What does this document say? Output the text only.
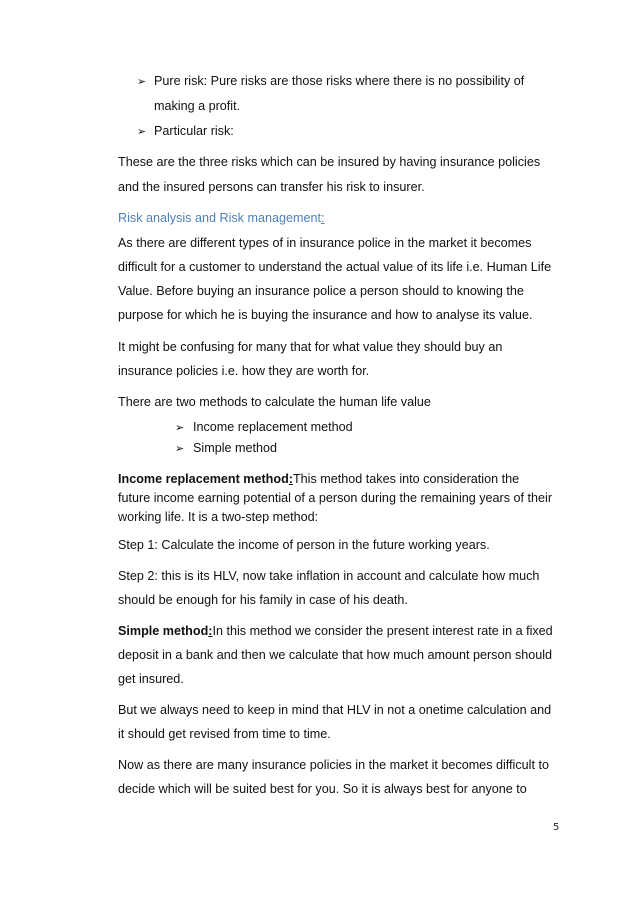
➢ Pure risk: Pure risks are those risks where there is no possibility of
making a profit.
➢ Particular risk:
These are the three risks which can be insured by having insurance policies
and the insured persons can transfer his risk to insurer.
Risk analysis and Risk management:
As there are different types of in insurance police in the market it becomes
difficult for a customer to understand the actual value of its life i.e. Human Life
Value. Before buying an insurance police a person should to knowing the
purpose for which he is buying the insurance and how to analyse its value.
It might be confusing for many that for what value they should buy an
insurance policies i.e. how they are worth for.
There are two methods to calculate the human life value
➢ Income replacement method
➢ Simple method
Income replacement method:This method takes into consideration the
future income earning potential of a person during the remaining years of their
working life. It is a two-step method:
Step 1: Calculate the income of person in the future working years.
Step 2: this is its HLV, now take inflation in account and calculate how much
should be enough for his family in case of his death.
Simple method:In this method we consider the present interest rate in a fixed
deposit in a bank and then we calculate that how much amount person should
get insured.
But we always need to keep in mind that HLV in not a onetime calculation and
it should get revised from time to time.
Now as there are many insurance policies in the market it becomes difficult to
decide which will be suited best for you. So it is always best for anyone to
5
